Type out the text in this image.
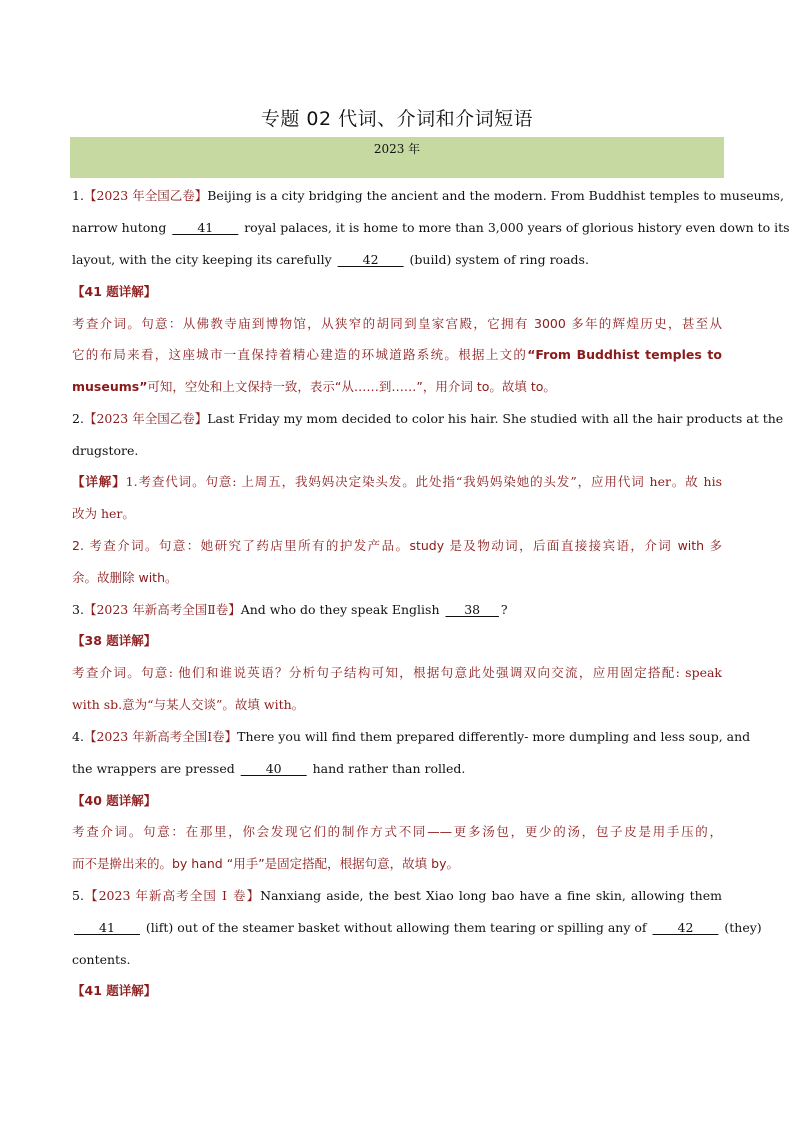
专题 02 代词、介词和介词短语
2023 年
1.【2023 年全国乙卷】Beijing is a city bridging the ancient and the modern. From Buddhist temples to museums,
narrow hutong ____41____ royal palaces, it is home to more than 3,000 years of glorious history even down to its
layout, with the city keeping its carefully ____42____ (build) system of ring roads.
【41 题详解】
考查介词。句意：从佛教寺庙到博物馆，从狭窄的胡同到皇家宫殿，它拥有 3000 多年的辉煌历史，甚至从
它的布局来看，这座城市一直保持着精心建造的环城道路系统。根据上文的“From Buddhist temples to
museums”可知，空处和上文保持一致，表示“从……到……”，用介词 to。故填 to。
2.【2023 年全国乙卷】Last Friday my mom decided to color his hair. She studied with all the hair products at the
drugstore.
【详解】1.考查代词。句意: 上周五，我妈妈决定染头发。此处指“我妈妈染她的头发”，应用代词 her。故 his
改为 her。
2. 考查介词。句意：她研究了药店里所有的护发产品。study 是及物动词，后面直接接宾语，介词 with 多
余。故删除 with。
3.【2023 年新高考全国Ⅱ卷】And who do they speak English ___38___ ?
【38 题详解】
考查介词。句意: 他们和谁说英语？分析句子结构可知，根据句意此处强调双向交流，应用固定搭配: speak
with sb.意为“与某人交谈”。故填 with。
4.【2023 年新高考全国Ⅰ卷】There you will find them prepared differently- more dumpling and less soup, and
the wrappers are pressed ____40____ hand rather than rolled.
【40 题详解】
考查介词。句意：在那里，你会发现它们的制作方式不同——更多汤包，更少的汤，包子皮是用手压的，
而不是擀出来的。by hand “用手”是固定搭配，根据句意，故填 by。
5.【2023 年新高考全国 Ⅰ 卷】Nanxiang aside, the best Xiao long bao have a fine skin, allowing them
____41____ (lift) out of the steamer basket without allowing them tearing or spilling any of ____42____ (they)
contents.
【41 题详解】
